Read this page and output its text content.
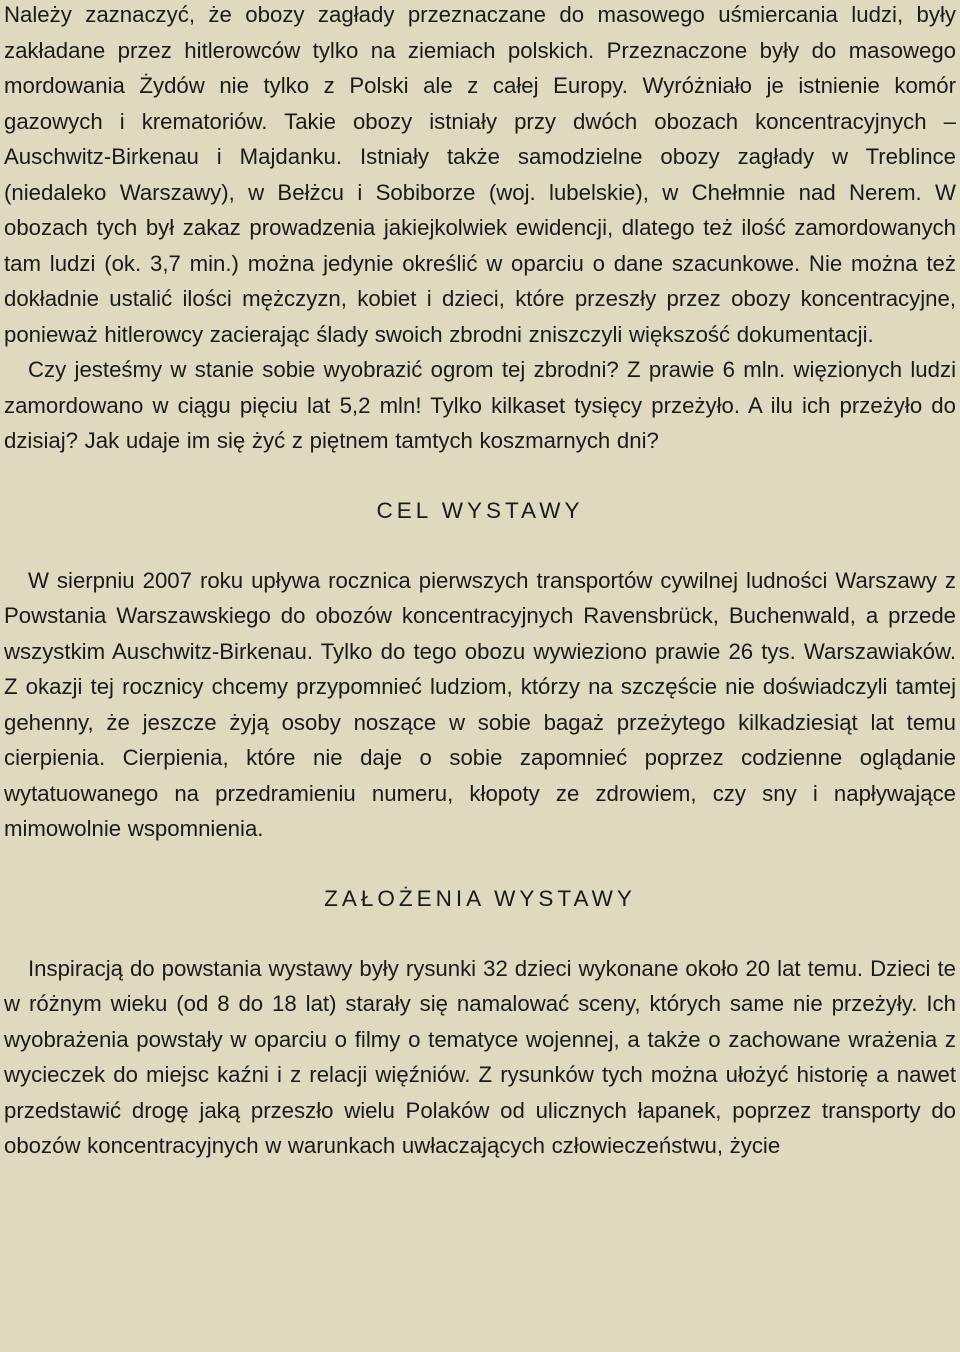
Należy zaznaczyć, że obozy zagłady przeznaczane do masowego uśmiercania ludzi, były zakładane przez hitlerowców tylko na ziemiach polskich. Przeznaczone były do masowego mordowania Żydów nie tylko z Polski ale z całej Europy. Wyróżniało je istnienie komór gazowych i krematoriów. Takie obozy istniały przy dwóch obozach koncentracyjnych – Auschwitz-Birkenau i Majdanku. Istniały także samodzielne obozy zagłady w Treblince (niedaleko Warszawy), w Bełżcu i Sobiborze (woj. lubelskie), w Chełmnie nad Nerem. W obozach tych był zakaz prowadzenia jakiejkolwiek ewidencji, dlatego też ilość zamordowanych tam ludzi (ok. 3,7 min.) można jedynie określić w oparciu o dane szacunkowe. Nie można też dokładnie ustalić ilości mężczyzn, kobiet i dzieci, które przeszły przez obozy koncentracyjne, ponieważ hitlerowcy zacierając ślady swoich zbrodni zniszczyli większość dokumentacji.

Czy jesteśmy w stanie sobie wyobrazić ogrom tej zbrodni? Z prawie 6 mln. więzionych ludzi zamordowano w ciągu pięciu lat 5,2 mln! Tylko kilkaset tysięcy przeżyło. A ilu ich przeżyło do dzisiaj? Jak udaje im się żyć z piętnem tamtych koszmarnych dni?

CEL WYSTAWY

W sierpniu 2007 roku upływa rocznica pierwszych transportów cywilnej ludności Warszawy z Powstania Warszawskiego do obozów koncentracyjnych Ravensbrück, Buchenwald, a przede wszystkim Auschwitz-Birkenau. Tylko do tego obozu wywieziono prawie 26 tys. Warszawiaków. Z okazji tej rocznicy chcemy przypomnieć ludziom, którzy na szczęście nie doświadczyli tamtej gehenny, że jeszcze żyją osoby noszące w sobie bagaż przeżytego kilkadziesiąt lat temu cierpienia. Cierpienia, które nie daje o sobie zapomnieć poprzez codzienne oglądanie wytatuowanego na przedramieniu numeru, kłopoty ze zdrowiem, czy sny i napływające mimowolnie wspomnienia.

ZAŁOŻENIA WYSTAWY

Inspiracją do powstania wystawy były rysunki 32 dzieci wykonane około 20 lat temu. Dzieci te w różnym wieku (od 8 do 18 lat) starały się namalować sceny, których same nie przeżyły. Ich wyobrażenia powstały w oparciu o filmy o tematyce wojennej, a także o zachowane wrażenia z wycieczek do miejsc kaźni i z relacji więźniów. Z rysunków tych można ułożyć historię a nawet przedstawić drogę jaką przeszło wielu Polaków od ulicznych łapanek, poprzez transporty do obozów koncentracyjnych w warunkach uwłaczających człowieczeństwu, życie
